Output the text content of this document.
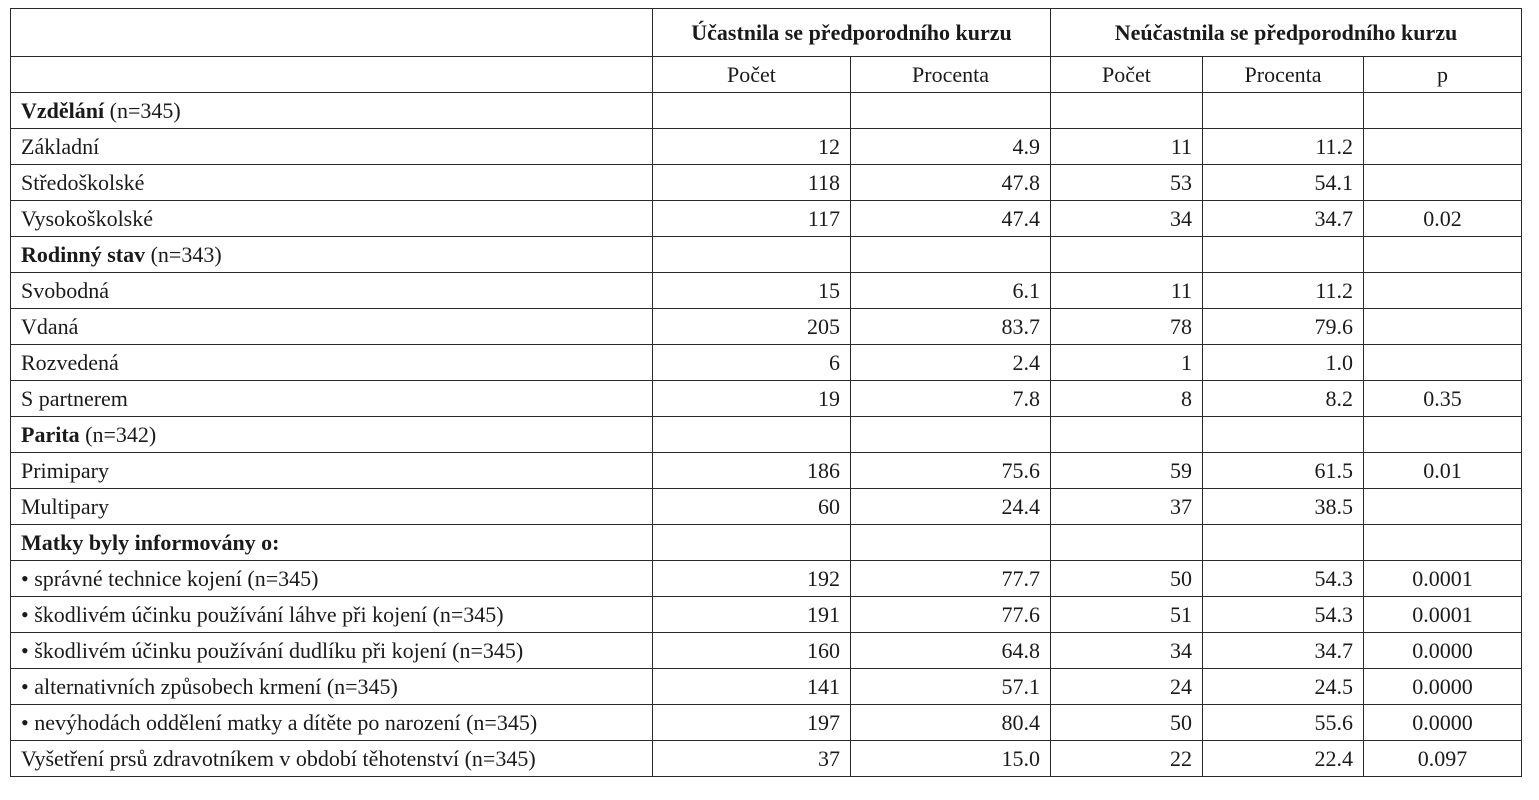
	Účastnila se předporodního kurzu		Neúčastnila se předporodního kurzu		
	Počet	Procenta	Počet	Procenta	p
Vzdělání (n=345)					
Základní	12	4.9	11	11.2	
Středoškolské	118	47.8	53	54.1	
Vysokoškolské	117	47.4	34	34.7	0.02
Rodinný stav (n=343)					
Svobodná	15	6.1	11	11.2	
Vdaná	205	83.7	78	79.6	
Rozvedená	6	2.4	1	1.0	
S partnerem	19	7.8	8	8.2	0.35
Parita (n=342)					
Primipary	186	75.6	59	61.5	0.01
Multipary	60	24.4	37	38.5	
Matky byly informovány o:					
• správné technice kojení (n=345)	192	77.7	50	54.3	0.0001
• škodlivém účinku používání láhve při kojení (n=345)	191	77.6	51	54.3	0.0001
• škodlivém účinku používání dudlíku při kojení (n=345)	160	64.8	34	34.7	0.0000
• alternativních způsobech krmení (n=345)	141	57.1	24	24.5	0.0000
• nevýhodách oddělení matky a dítěte po narození (n=345)	197	80.4	50	55.6	0.0000
Vyšetření prsů zdravotníkem v období těhotenství (n=345)	37	15.0	22	22.4	0.097
